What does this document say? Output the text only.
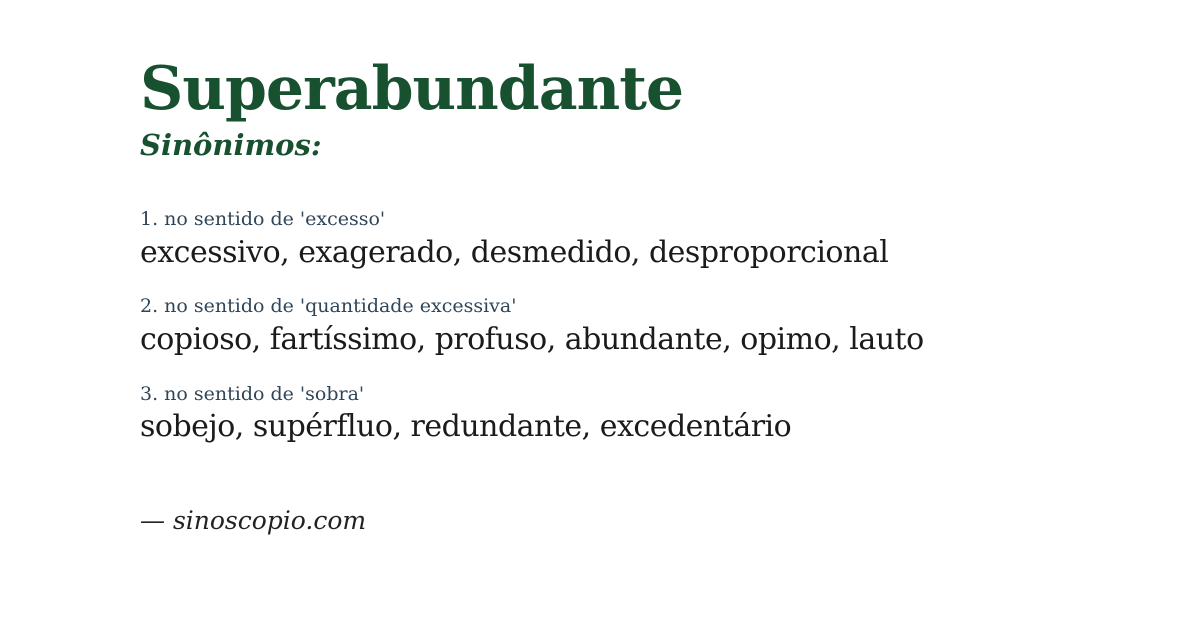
Superabundante
Sinônimos:
1. no sentido de 'excesso'
excessivo, exagerado, desmedido, desproporcional
2. no sentido de 'quantidade excessiva'
copioso, fartíssimo, profuso, abundante, opimo, lauto
3. no sentido de 'sobra'
sobejo, supérfluo, redundante, excedentário
— sinoscopio.com
